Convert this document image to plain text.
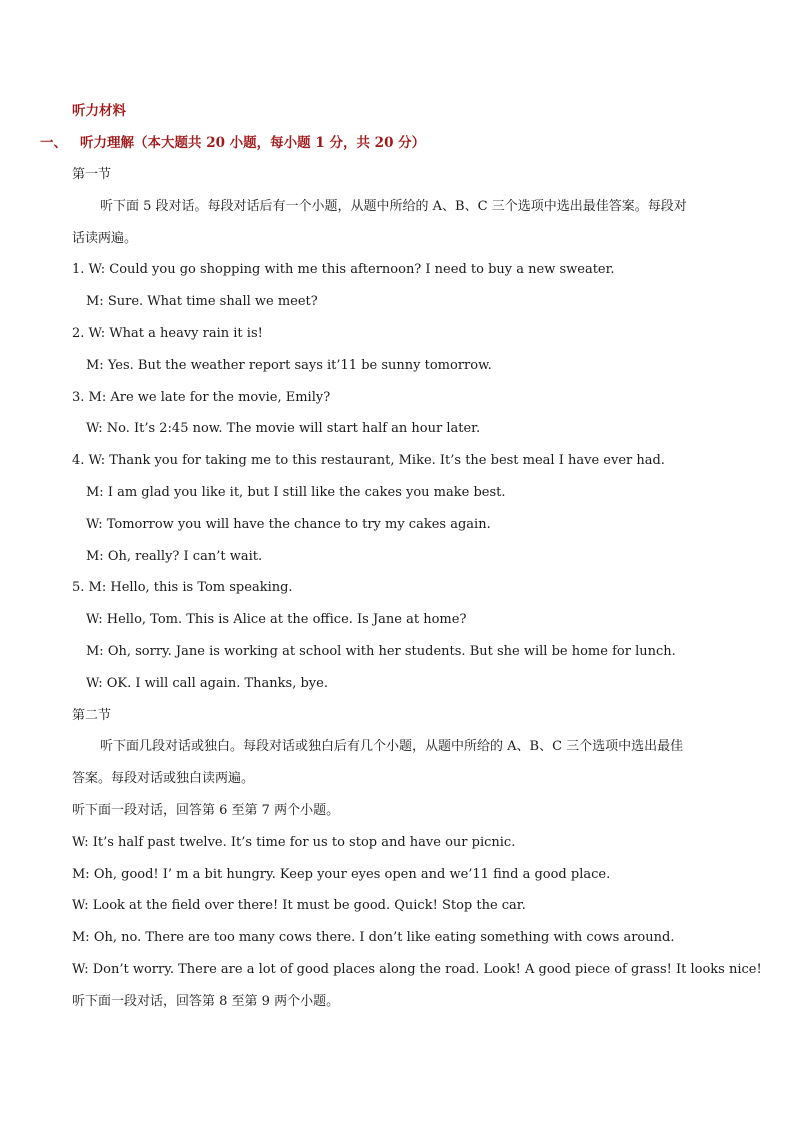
听力材料
一、 听力理解（本大题共 20 小题，每小题 1 分，共 20 分）
第一节
听下面 5 段对话。每段对话后有一个小题，从题中所给的 A、B、C 三个选项中选出最佳答案。每段对
话读两遍。
1. W: Could you go shopping with me this afternoon? I need to buy a new sweater.
M: Sure. What time shall we meet?
2. W: What a heavy rain it is!
M: Yes. But the weather report says it’11 be sunny tomorrow.
3. M: Are we late for the movie, Emily?
W: No. It’s 2:45 now. The movie will start half an hour later.
4. W: Thank you for taking me to this restaurant, Mike. It’s the best meal I have ever had.
M: I am glad you like it, but I still like the cakes you make best.
W: Tomorrow you will have the chance to try my cakes again.
M: Oh, really? I can’t wait.
5. M: Hello, this is Tom speaking.
W: Hello, Tom. This is Alice at the office. Is Jane at home?
M: Oh, sorry. Jane is working at school with her students. But she will be home for lunch.
W: OK. I will call again. Thanks, bye.
第二节
听下面几段对话或独白。每段对话或独白后有几个小题，从题中所给的 A、B、C 三个选项中选出最佳
答案。每段对话或独白读两遍。
听下面一段对话，回答第 6 至第 7 两个小题。
W: It’s half past twelve. It’s time for us to stop and have our picnic.
M: Oh, good! I’ m a bit hungry. Keep your eyes open and we’11 find a good place.
W: Look at the field over there! It must be good. Quick! Stop the car.
M: Oh, no. There are too many cows there. I don’t like eating something with cows around.
W: Don’t worry. There are a lot of good places along the road. Look! A good piece of grass! It looks nice!
听下面一段对话，回答第 8 至第 9 两个小题。
